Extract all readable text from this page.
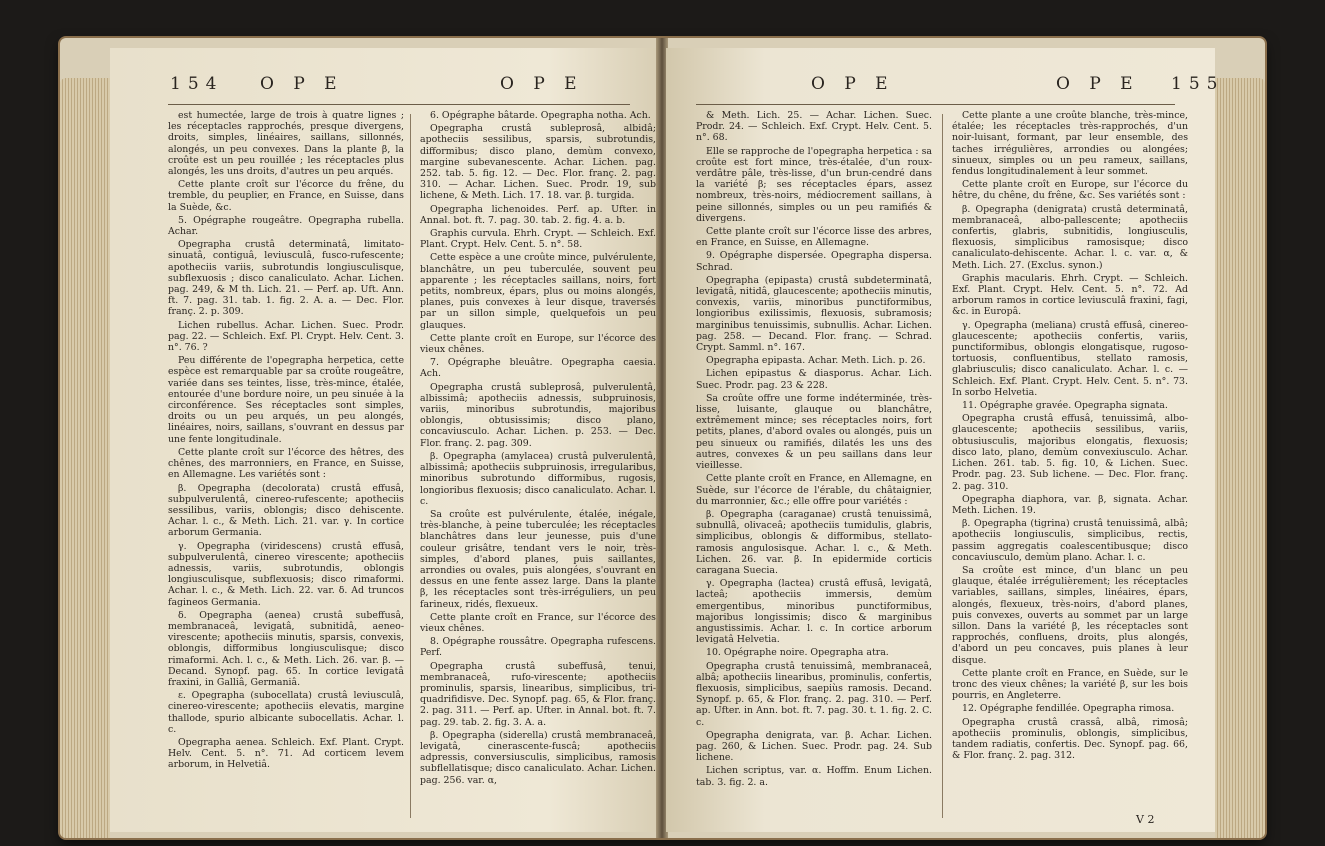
154 O P E	O P E

est humectée, large de trois à quatre lignes ; les réceptacles rapprochés, presque divergens, droits, simples, linéaires, saillans, sillonnés, alongés, un peu convexes. Dans la plante β, la croûte est un peu rouillée ; les réceptacles plus alongés, les uns droits, d'autres un peu arqués.

Cette plante croît sur l'écorce du frêne, du tremble, du peuplier, en France, en Suisse, dans la Suède, &c.

5. Opégraphe rougeâtre. Opegrapha rubella. Achar.

Opegrapha crustâ determinatâ, limitato-sinuatâ, contiguâ, leviusculâ, fusco-rufescente; apotheciis variis, subrotundis longiusculisque, subflexuosis ; disco canaliculato. Achar. Lichen. pag. 249, & M th. Lich. 21. — Perf. ap. Uft. Ann. ft. 7. pag. 31. tab. 1. fig. 2. A. a. — Dec. Flor. franç. 2. p. 309.

Lichen rubellus. Achar. Lichen. Suec. Prodr. pag. 22. — Schleich. Exf. Pl. Crypt. Helv. Cent. 3. n°. 76. ?

Peu différente de l'opegrapha herpetica, cette espèce est remarquable par sa croûte rougeâtre, variée dans ses teintes, lisse, très-mince, étalée, entourée d'une bordure noire, un peu sinuée à la circonférence. Ses réceptacles sont simples, droits ou un peu arqués, un peu alongés, linéaires, noirs, saillans, s'ouvrant en dessus par une fente longitudinale.

Cette plante croît sur l'écorce des hêtres, des chênes, des marronniers, en France, en Suisse, en Allemagne. Les variétés sont :

β. Opegrapha (decolorata) crustâ effusâ, subpulverulentâ, cinereo-rufescente; apotheciis sessilibus, variis, oblongis; disco dehiscente. Achar. l. c., & Meth. Lich. 21. var. γ. In cortice arborum Germania.

γ. Opegrapha (viridescens) crustâ effusâ, subpulverulentâ, cinereo virescente; apotheciis adnessis, variis, subrotundis, oblongis longiusculisque, subflexuosis; disco rimaformi. Achar. l. c., & Meth. Lich. 22. var. δ. Ad truncos fagineos Germania.

δ. Opegrapha (aenea) crustâ subeffusâ, membranaceâ, levigatâ, subnitidâ, aeneo-virescente; apotheciis minutis, sparsis, convexis, oblongis, difformibus longiusculisque; disco rimaformi. Ach. l. c., & Meth. Lich. 26. var. β. — Decand. Synopf. pag. 65. In cortice levigatâ fraxini, in Galliâ, Germaniâ.

ε. Opegrapha (subocellata) crustâ leviusculâ, cinereo-virescente; apotheciis elevatis, margine thallode, spurio albicante subocellatis. Achar. l. c.

Opegrapha aenea. Schleich. Exf. Plant. Crypt. Helv. Cent. 5. n°. 71. Ad corticem levem arborum, in Helvetiâ.

6. Opégraphe bâtarde. Opegrapha notha. Ach.

Opegrapha crustâ subleprosâ, albidâ; apotheciis sessilibus, sparsis, subrotundis, difformibus; disco plano, demùm convexo, margine subevanescente. Achar. Lichen. pag. 252. tab. 5. fig. 12. — Dec. Flor. franç. 2. pag. 310. — Achar. Lichen. Suec. Prodr. 19, sub lichene, & Meth. Lich. 17. 18. var. β. turgida.

Opegrapha lichenoides. Perf. ap. Ufter. in Annal. bot. ft. 7. pag. 30. tab. 2. fig. 4. a. b.

Graphis curvula. Ehrh. Crypt. — Schleich. Exf. Plant. Crypt. Helv. Cent. 5. n°. 58.

Cette espèce a une croûte mince, pulvérulente, blanchâtre, un peu tuberculée, souvent peu apparente ; les réceptacles saillans, noirs, fort petits, nombreux, épars, plus ou moins alongés, planes, puis convexes à leur disque, traversés par un sillon simple, quelquefois un peu glauques.

Cette plante croît en Europe, sur l'écorce des vieux chênes.

7. Opégraphe bleuâtre. Opegrapha caesia. Ach.

Opegrapha crustâ subleprosâ, pulverulentâ, albissimâ; apotheciis adnessis, subpruinosis, variis, minoribus subrotundis, majoribus oblongis, obtusissimis; disco plano, concaviusculo. Achar. Lichen. p. 253. — Dec. Flor. franç. 2. pag. 309.

β. Opegrapha (amylacea) crustâ pulverulentâ, albissimâ; apotheciis subpruinosis, irregularibus, minoribus subrotundo difformibus, rugosis, longioribus flexuosis; disco canaliculato. Achar. l. c.

Sa croûte est pulvérulente, étalée, inégale, très-blanche, à peine tuberculée; les réceptacles blanchâtres dans leur jeunesse, puis d'une couleur grisâtre, tendant vers le noir, très-simples, d'abord planes, puis saillantes, arrondies ou ovales, puis alongées, s'ouvrant en dessus en une fente assez large. Dans la plante β, les réceptacles sont très-irréguliers, un peu farineux, ridés, flexueux.

Cette plante croît en France, sur l'écorce des vieux chênes.

8. Opégraphe roussâtre. Opegrapha rufescens. Perf.

Opegrapha crustâ subeffusâ, tenui, membranaceâ, rufo-virescente; apotheciis prominulis, sparsis, linearibus, simplicibus, tri-quadrifidisve. Dec. Synopf. pag. 65, & Flor. franç. 2. pag. 311. — Perf. ap. Ufter. in Annal. bot. ft. 7. pag. 29. tab. 2. fig. 3. A. a.

β. Opegrapha (siderella) crustâ membranaceâ, levigatâ, cinerascente-fuscâ; apotheciis adpressis, conversiusculis, simplicibus, ramosis subflellatisque; disco canaliculato. Achar. Lichen. pag. 256. var. α,

O P E	O P E 155

& Meth. Lich. 25. — Achar. Lichen. Suec. Prodr. 24. — Schleich. Exf. Crypt. Helv. Cent. 5. n°. 68.

Elle se rapproche de l'opegrapha herpetica : sa croûte est fort mince, très-étalée, d'un roux-verdâtre pâle, très-lisse, d'un brun-cendré dans la variété β; ses réceptacles épars, assez nombreux, très-noirs, médiocrement saillans, à peine sillonnés, simples ou un peu ramifiés & divergens.

Cette plante croît sur l'écorce lisse des arbres, en France, en Suisse, en Allemagne.

9. Opégraphe dispersée. Opegrapha dispersa. Schrad.

Opegrapha (epipasta) crustâ subdeterminatâ, levigatâ, nitidâ, glaucescente; apotheciis minutis, convexis, variis, minoribus punctiformibus, longioribus exilissimis, flexuosis, subramosis; marginibus tenuissimis, subnullis. Achar. Lichen. pag. 258. — Decand. Flor. franç. — Schrad. Crypt. Samml. n°. 167.

Opegrapha epipasta. Achar. Meth. Lich. p. 26.

Lichen epipastus & diasporus. Achar. Lich. Suec. Prodr. pag. 23 & 228.

Sa croûte offre une forme indéterminée, très-lisse, luisante, glauque ou blanchâtre, extrêmement mince; ses réceptacles noirs, fort petits, planes, d'abord ovales ou alongés, puis un peu sinueux ou ramifiés, dilatés les uns des autres, convexes & un peu saillans dans leur vieillesse.

Cette plante croît en France, en Allemagne, en Suède, sur l'écorce de l'érable, du châtaignier, du marronnier, &c.; elle offre pour variétés :

β. Opegrapha (caraganae) crustâ tenuissimâ, subnullâ, olivaceâ; apotheciis tumidulis, glabris, simplicibus, oblongis & difformibus, stellato-ramosis angulosisque. Achar. l. c., & Meth. Lichen. 26. var. β. In epidermide corticis caragana Suecia.

γ. Opegrapha (lactea) crustâ effusâ, levigatâ, lacteâ; apotheciis immersis, demùm emergentibus, minoribus punctiformibus, majoribus longissimis; disco & marginibus angustissimis. Achar. l. c. In cortice arborum levigatâ Helvetia.

10. Opégraphe noire. Opegrapha atra.

Opegrapha crustâ tenuissimâ, membranaceâ, albâ; apotheciis linearibus, prominulis, confertis, flexuosis, simplicibus, saepiùs ramosis. Decand. Synopf. p. 65, & Flor. franç. 2. pag. 310. — Perf. ap. Ufter. in Ann. bot. ft. 7. pag. 30. t. 1. fig. 2. C. c.

Opegrapha denigrata, var. β. Achar. Lichen. pag. 260, & Lichen. Suec. Prodr. pag. 24. Sub lichene.

Lichen scriptus, var. α. Hoffm. Enum Lichen. tab. 3. fig. 2. a.

Cette plante a une croûte blanche, très-mince, étalée; les réceptacles très-rapprochés, d'un noir-luisant, formant, par leur ensemble, des taches irrégulières, arrondies ou alongées; sinueux, simples ou un peu rameux, saillans, fendus longitudinalement à leur sommet.

Cette plante croît en Europe, sur l'écorce du hêtre, du chêne, du frêne, &c. Ses variétés sont :

β. Opegrapha (denigrata) crustâ determinatâ, membranaceâ, albo-pallescente; apotheciis confertis, glabris, subnitidis, longiusculis, flexuosis, simplicibus ramosisque; disco canaliculato-dehiscente. Achar. l. c. var. α, & Meth. Lich. 27. (Exclus. synon.)

Graphis macularis. Ehrh. Crypt. — Schleich. Exf. Plant. Crypt. Helv. Cent. 5. n°. 72. Ad arborum ramos in cortice leviusculâ fraxini, fagi, &c. in Europâ.

γ. Opegrapha (meliana) crustâ effusâ, cinereo-glaucescente; apotheciis confertis, variis, punctiformibus, oblongis elongatisque, rugoso-tortuosis, confluentibus, stellato ramosis, glabriusculis; disco canaliculato. Achar. l. c. — Schleich. Exf. Plant. Crypt. Helv. Cent. 5. n°. 73. In sorbo Helvetia.

11. Opégraphe gravée. Opegrapha signata.

Opegrapha crustâ effusâ, tenuissimâ, albo-glaucescente; apotheciis sessilibus, variis, obtusiusculis, majoribus elongatis, flexuosis; disco lato, plano, demùm convexiusculo. Achar. Lichen. 261. tab. 5. fig. 10, & Lichen. Suec. Prodr. pag. 23. Sub lichene. — Dec. Flor. franç. 2. pag. 310.

Opegrapha diaphora, var. β, signata. Achar. Meth. Lichen. 19.

β. Opegrapha (tigrina) crustâ tenuissimâ, albâ; apotheciis longiusculis, simplicibus, rectis, passim aggregatis coalescentibusque; disco concaviusculo, demùm plano. Achar. l. c.

Sa croûte est mince, d'un blanc un peu glauque, étalée irrégulièrement; les réceptacles variables, saillans, simples, linéaires, épars, alongés, flexueux, très-noirs, d'abord planes, puis convexes, ouverts au sommet par un large sillon. Dans la variété β, les réceptacles sont rapprochés, confluens, droits, plus alongés, d'abord un peu concaves, puis planes à leur disque.

Cette plante croît en France, en Suède, sur le tronc des vieux chênes; la variété β, sur les bois pourris, en Angleterre.

12. Opégraphe fendillée. Opegrapha rimosa.

Opegrapha crustâ crassâ, albâ, rimosâ; apotheciis prominulis, oblongis, simplicibus, tandem radiatis, confertis. Dec. Synopf. pag. 66, & Flor. franç. 2. pag. 312.

V 2
